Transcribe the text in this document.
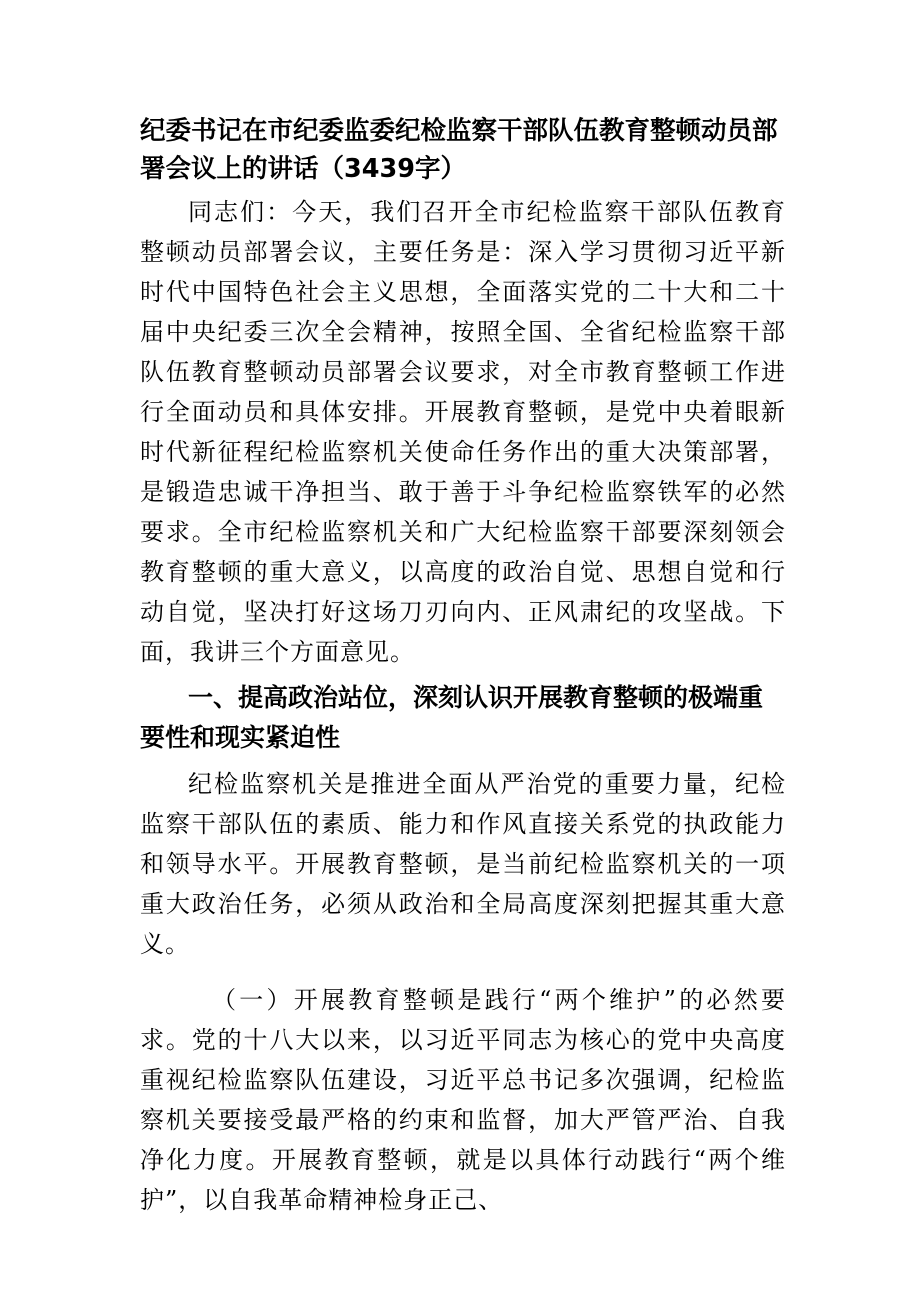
纪委书记在市纪委监委纪检监察干部队伍教育整顿动员部署会议上的讲话（3439字）

同志们：今天，我们召开全市纪检监察干部队伍教育整顿动员部署会议，主要任务是：深入学习贯彻习近平新时代中国特色社会主义思想，全面落实党的二十大和二十届中央纪委三次全会精神，按照全国、全省纪检监察干部队伍教育整顿动员部署会议要求，对全市教育整顿工作进行全面动员和具体安排。开展教育整顿，是党中央着眼新时代新征程纪检监察机关使命任务作出的重大决策部署，是锻造忠诚干净担当、敢于善于斗争纪检监察铁军的必然要求。全市纪检监察机关和广大纪检监察干部要深刻领会教育整顿的重大意义，以高度的政治自觉、思想自觉和行动自觉，坚决打好这场刀刃向内、正风肃纪的攻坚战。下面，我讲三个方面意见。

一、提高政治站位，深刻认识开展教育整顿的极端重要性和现实紧迫性

纪检监察机关是推进全面从严治党的重要力量，纪检监察干部队伍的素质、能力和作风直接关系党的执政能力和领导水平。开展教育整顿，是当前纪检监察机关的一项重大政治任务，必须从政治和全局高度深刻把握其重大意义。

（一）开展教育整顿是践行“两个维护”的必然要求。党的十八大以来，以习近平同志为核心的党中央高度重视纪检监察队伍建设，习近平总书记多次强调，纪检监察机关要接受最严格的约束和监督，加大严管严治、自我净化力度。开展教育整顿，就是以具体行动践行“两个维护”，以自我革命精神检身正己、
